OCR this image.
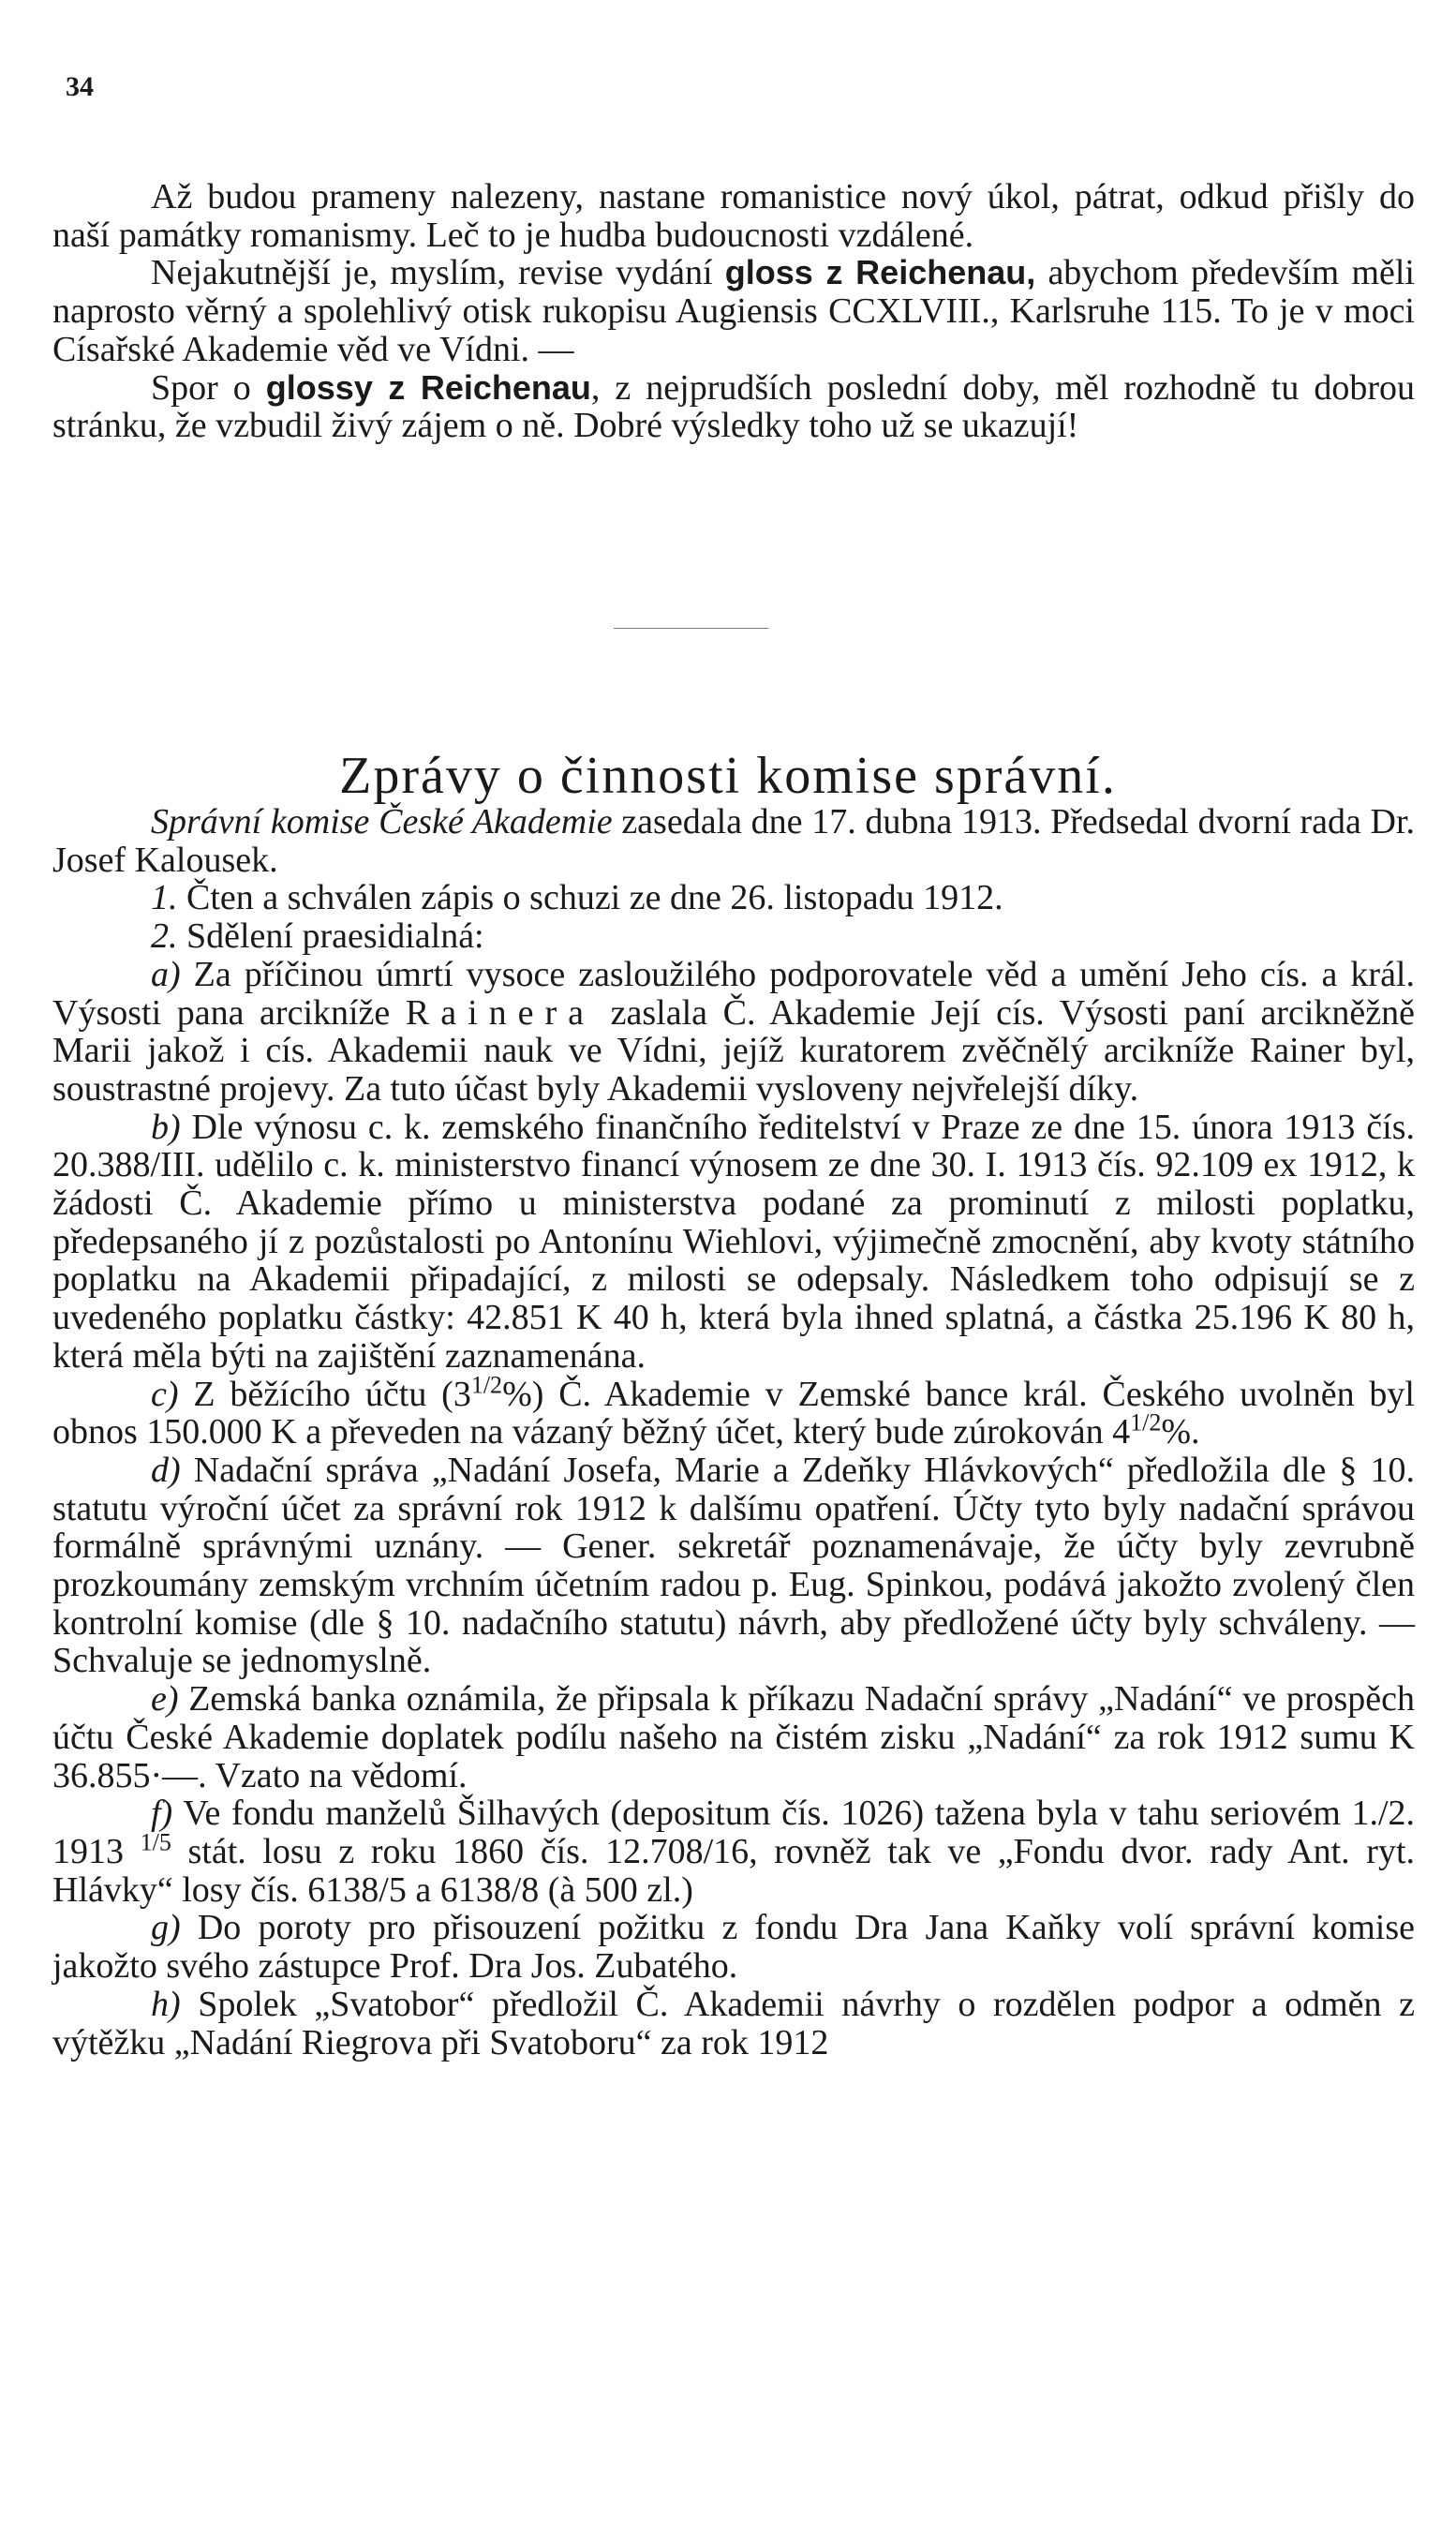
34

Až budou prameny nalezeny, nastane romanistice nový úkol, pátrat, odkud přišly do naší památky romanismy. Leč to je hudba budoucnosti vzdálené.

Nejakutnější je, myslím, revise vydání gloss z Reichenau, abychom především měli naprosto věrný a spolehlivý otisk rukopisu Augiensis CCXLVIII., Karlsruhe 115. To je v moci Císařské Akademie věd ve Vídni. —

Spor o glossy z Reichenau, z nejprudších poslední doby, měl rozhodně tu dobrou stránku, že vzbudil živý zájem o ně. Dobré výsledky toho už se ukazují!

Zprávy o činnosti komise správní.

Správní komise České Akademie zasedala dne 17. dubna 1913. Předsedal dvorní rada Dr. Josef Kalousek.

1. Čten a schválen zápis o schuzi ze dne 26. listopadu 1912.

2. Sdělení praesidialná:

a) Za příčinou úmrtí vysoce zasloužilého podporovatele věd a umění Jeho cís. a král. Výsosti pana arcikníže Rainera zaslala Č. Akademie Její cís. Výsosti paní arcikněžně Marii jakož i cís. Akademii nauk ve Vídni, jejíž kuratorem zvěčnělý arcikníže Rainer byl, soustrastné projevy. Za tuto účast byly Akademii vysloveny nejvřelejší díky.

b) Dle výnosu c. k. zemského finančního ředitelství v Praze ze dne 15. února 1913 čís. 20.388/III. udělilo c. k. ministerstvo financí výnosem ze dne 30. I. 1913 čís. 92.109 ex 1912, k žádosti Č. Akademie přímo u ministerstva podané za prominutí z milosti poplatku, předepsaného jí z pozůstalosti po Antonínu Wiehlovi, výjimečně zmocnění, aby kvoty státního poplatku na Akademii připadající, z milosti se odepsaly. Následkem toho odpisují se z uvedeného poplatku částky: 42.851 K 40 h, která byla ihned splatná, a částka 25.196 K 80 h, která měla býti na zajištění zaznamenána.

c) Z běžícího účtu $(3^{1/2}\%)$ Č. Akademie v Zemské bance král. Českého uvolněn byl obnos 150.000 K a převeden na vázaný běžný účet, který bude zúrokován $4^{1/2}\%$.

d) Nadační správa „Nadání Josefa, Marie a Zdeňky Hlávkových“ předložila dle § 10. statutu výroční účet za správní rok 1912 k dalšímu opatření. Účty tyto byly nadační správou formálně správnými uznány. — Gener. sekretář poznamenávaje, že účty byly zevrubně prozkoumány zemským vrchním účetním radou p. Eug. Spinkou, podává jakožto zvolený člen kontrolní komise (dle § 10. nadačního statutu) návrh, aby předložené účty byly schváleny. — Schvaluje se jednomyslně.

e) Zemská banka oznámila, že připsala k příkazu Nadační správy „Nadání“ ve prospěch účtu České Akademie doplatek podílu našeho na čistém zisku „Nadání“ za rok 1912 sumu K 36.855·—. Vzato na vědomí.

f) Ve fondu manželů Šilhavých (depositum čís. 1026) tažena byla v tahu seriovém 1./2. 1913 $^{1/5}$ stát. losu z roku 1860 čís. 12.708/16, rovněž tak ve „Fondu dvor. rady Ant. ryt. Hlávky“ losy čís. 6138/5 a 6138/8 (à 500 zl.)

g) Do poroty pro přisouzení požitku z fondu Dra Jana Kaňky volí správní komise jakožto svého zástupce Prof. Dra Jos. Zubatého.

h) Spolek „Svatobor“ předložil Č. Akademii návrhy o rozdělen podpor a odměn z výtěžku „Nadání Riegrova při Svatoboru“ za rok 1912
